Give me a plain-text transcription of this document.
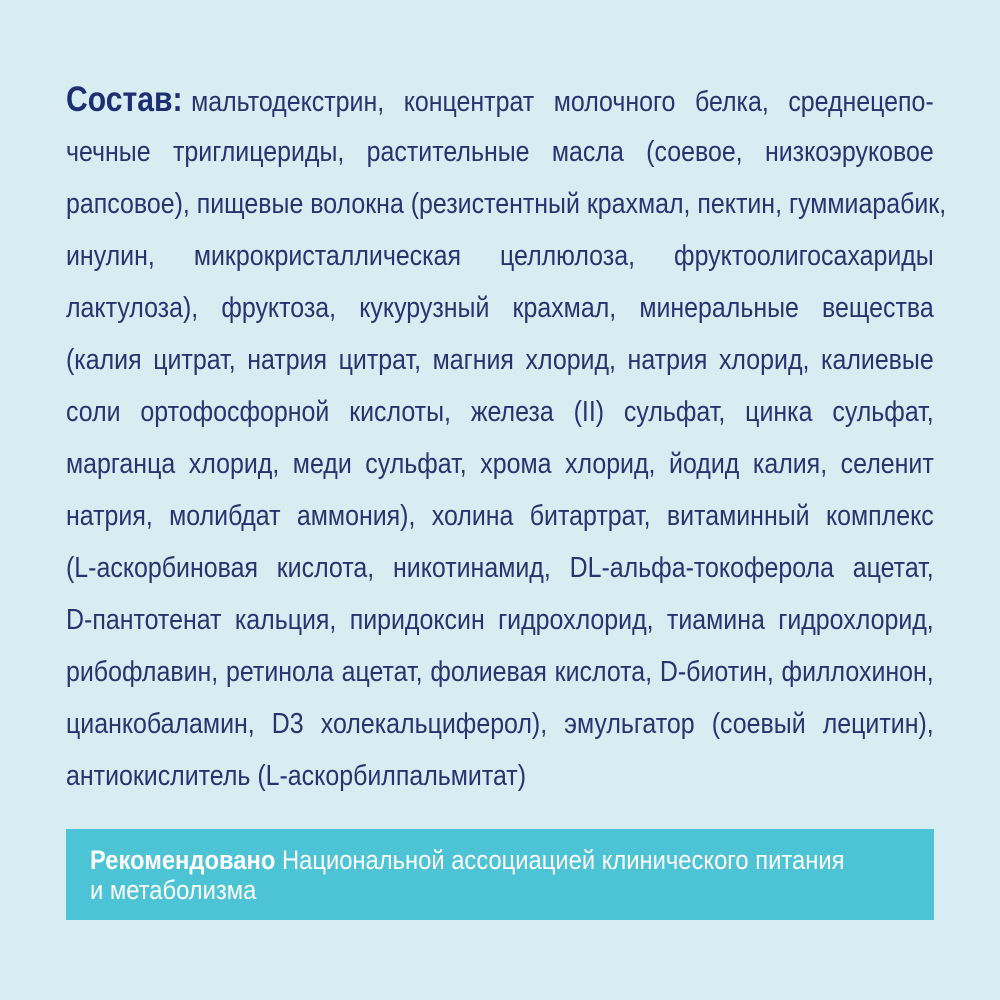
Состав: мальтодекстрин, концентрат молочного белка, среднецепо-
чечные триглицериды, растительные масла (соевое, низкоэруковое
рапсовое), пищевые волокна (резистентный крахмал, пектин, гуммиарабик,
инулин, микрокристаллическая целлюлоза, фруктоолигосахариды
лактулоза), фруктоза, кукурузный крахмал, минеральные вещества
(калия цитрат, натрия цитрат, магния хлорид, натрия хлорид, калиевые
соли ортофосфорной кислоты, железа (II) сульфат, цинка сульфат,
марганца хлорид, меди сульфат, хрома хлорид, йодид калия, селенит
натрия, молибдат аммония), холина битартрат, витаминный комплекс
(L-аскорбиновая кислота, никотинамид, DL-альфа-токоферола ацетат,
D-пантотенат кальция, пиридоксин гидрохлорид, тиамина гидрохлорид,
рибофлавин, ретинола ацетат, фолиевая кислота, D-биотин, филлохинон,
цианкобаламин, D3 холекальциферол), эмульгатор (соевый лецитин),
антиокислитель (L-аскорбилпальмитат)
Рекомендовано Национальной ассоциацией клинического питания
и метаболизма
